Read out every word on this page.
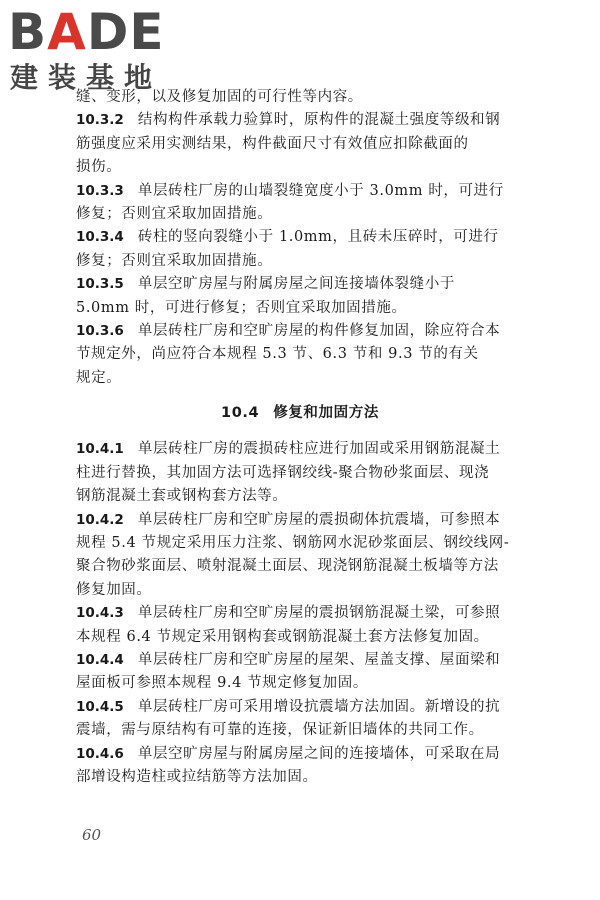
BADE
建装基地
缝、变形，以及修复加固的可行性等内容。
10.3.2 结构构件承载力验算时，原构件的混凝土强度等级和钢
筋强度应采用实测结果，构件截面尺寸有效值应扣除截面的
损伤。
10.3.3 单层砖柱厂房的山墙裂缝宽度小于 3.0mm 时，可进行
修复；否则宜采取加固措施。
10.3.4 砖柱的竖向裂缝小于 1.0mm，且砖未压碎时，可进行
修复；否则宜采取加固措施。
10.3.5 单层空旷房屋与附属房屋之间连接墙体裂缝小于
5.0mm 时，可进行修复；否则宜采取加固措施。
10.3.6 单层砖柱厂房和空旷房屋的构件修复加固，除应符合本
节规定外，尚应符合本规程 5.3 节、6.3 节和 9.3 节的有关
规定。
10.4 修复和加固方法
10.4.1 单层砖柱厂房的震损砖柱应进行加固或采用钢筋混凝土
柱进行替换，其加固方法可选择钢绞线-聚合物砂浆面层、现浇
钢筋混凝土套或钢构套方法等。
10.4.2 单层砖柱厂房和空旷房屋的震损砌体抗震墙，可参照本
规程 5.4 节规定采用压力注浆、钢筋网水泥砂浆面层、钢绞线网-
聚合物砂浆面层、喷射混凝土面层、现浇钢筋混凝土板墙等方法
修复加固。
10.4.3 单层砖柱厂房和空旷房屋的震损钢筋混凝土梁，可参照
本规程 6.4 节规定采用钢构套或钢筋混凝土套方法修复加固。
10.4.4 单层砖柱厂房和空旷房屋的屋架、屋盖支撑、屋面梁和
屋面板可参照本规程 9.4 节规定修复加固。
10.4.5 单层砖柱厂房可采用增设抗震墙方法加固。新增设的抗
震墙，需与原结构有可靠的连接，保证新旧墙体的共同工作。
10.4.6 单层空旷房屋与附属房屋之间的连接墙体，可采取在局
部增设构造柱或拉结筋等方法加固。
60
